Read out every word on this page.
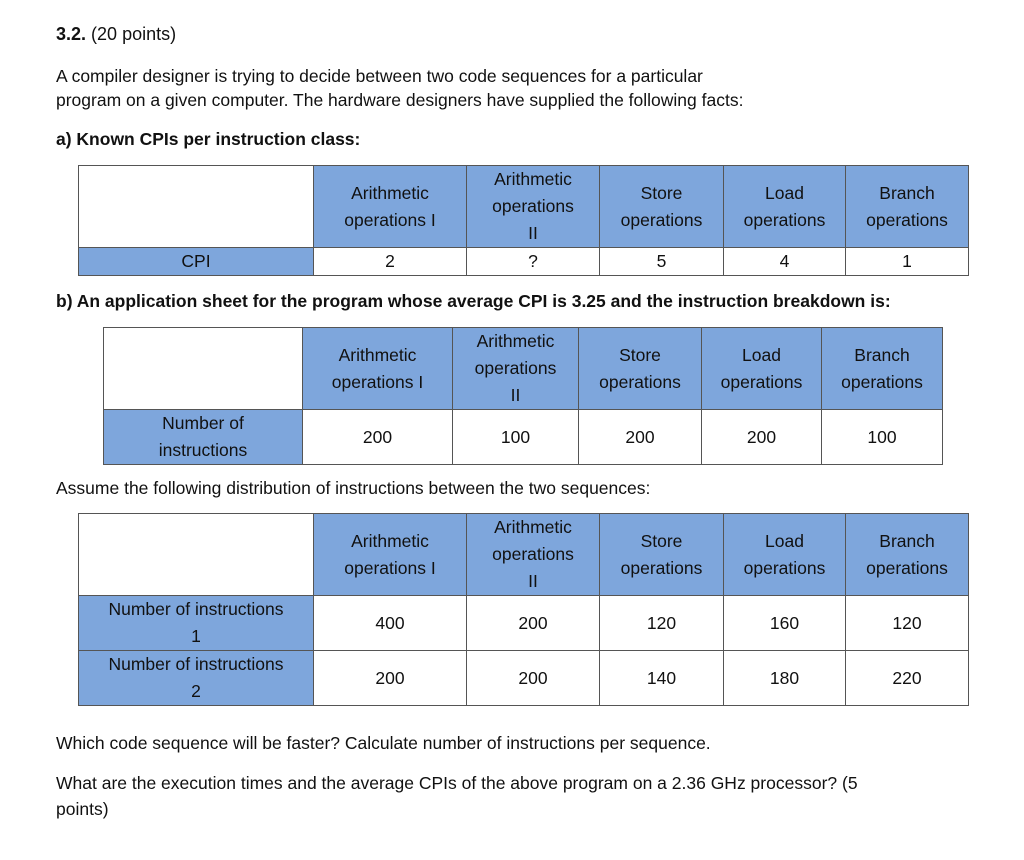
3.2. (20 points)
A compiler designer is trying to decide between two code sequences for a particular
program on a given computer. The hardware designers have supplied the following facts:
a) Known CPIs per instruction class:
	Arithmetic
operations I	Arithmetic
operations
II	Store
operations	Load
operations	Branch
operations
CPI	2	?	5	4	1
b) An application sheet for the program whose average CPI is 3.25 and the instruction breakdown is:
	Arithmetic
operations I	Arithmetic
operations
II	Store
operations	Load
operations	Branch
operations
Number of
instructions	200	100	200	200	100
Assume the following distribution of instructions between the two sequences:
	Arithmetic
operations I	Arithmetic
operations
II	Store
operations	Load
operations	Branch
operations
Number of instructions
1	400	200	120	160	120
Number of instructions
2	200	200	140	180	220
Which code sequence will be faster? Calculate number of instructions per sequence.
What are the execution times and the average CPIs of the above program on a 2.36 GHz processor? (5
points)
